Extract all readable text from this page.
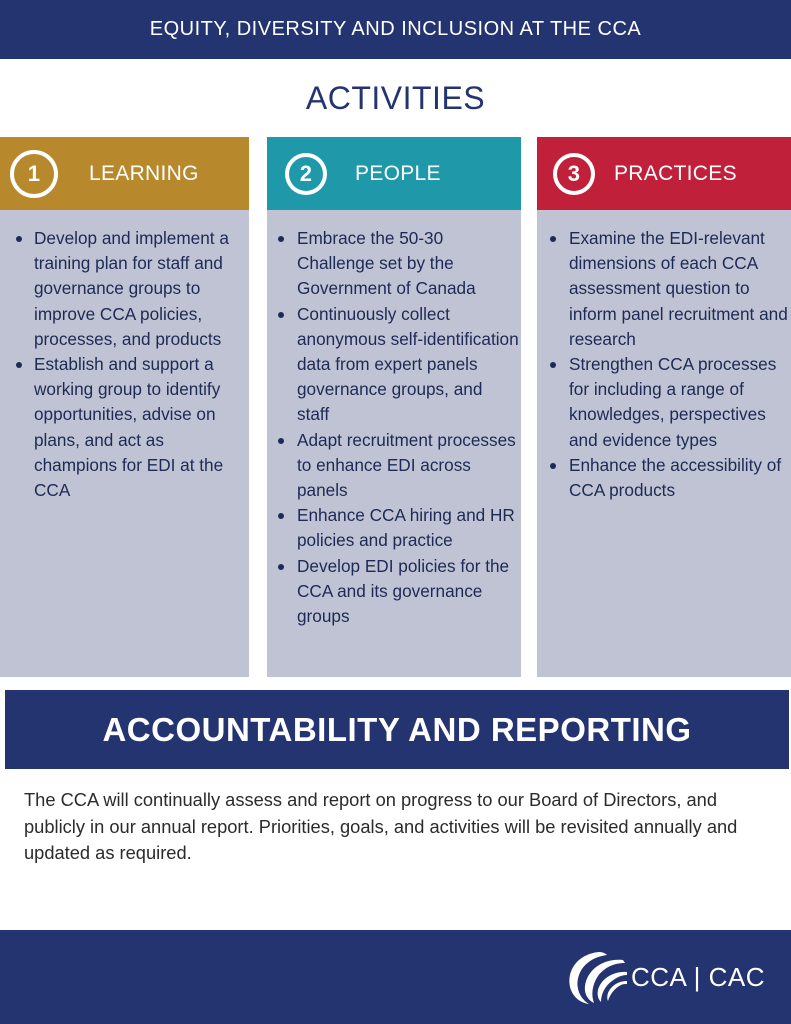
EQUITY, DIVERSITY AND INCLUSION AT THE CCA
ACTIVITIES
1	LEARNING
Develop and implement a training plan for staff and governance groups to improve CCA policies, processes, and products
Establish and support a working group to identify opportunities, advise on plans, and act as champions for EDI at the CCA
2	PEOPLE
Embrace the 50-30 Challenge set by the Government of Canada
Continuously collect anonymous self-identification data from expert panels governance groups, and staff
Adapt recruitment processes to enhance EDI across panels
Enhance CCA hiring and HR policies and practice
Develop EDI policies for the CCA and its governance groups
3	PRACTICES
Examine the EDI-relevant dimensions of each CCA assessment question to inform panel recruitment and research
Strengthen CCA processes for including a range of knowledges, perspectives and evidence types
Enhance the accessibility of CCA products
ACCOUNTABILITY AND REPORTING
The CCA will continually assess and report on progress to our Board of Directors, and publicly in our annual report. Priorities, goals, and activities will be revisited annually and updated as required.
CCA | CAC
